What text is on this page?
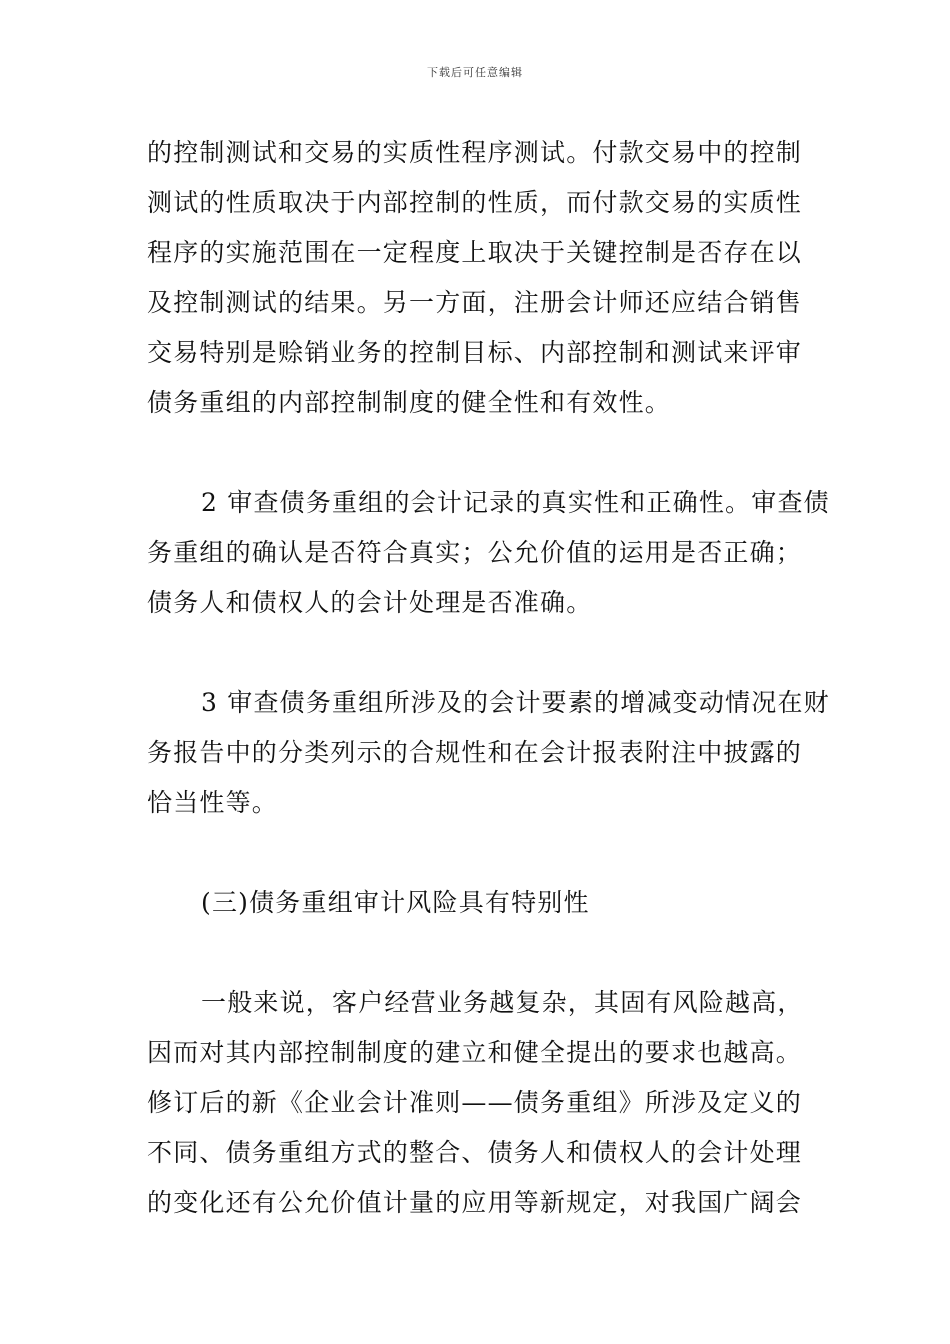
下载后可任意编辑
的控制测试和交易的实质性程序测试。付款交易中的控制
测试的性质取决于内部控制的性质，而付款交易的实质性
程序的实施范围在一定程度上取决于关键控制是否存在以
及控制测试的结果。另一方面，注册会计师还应结合销售
交易特别是赊销业务的控制目标、内部控制和测试来评审
债务重组的内部控制制度的健全性和有效性。
2 审查债务重组的会计记录的真实性和正确性。审查债
务重组的确认是否符合真实；公允价值的运用是否正确；
债务人和债权人的会计处理是否准确。
3 审查债务重组所涉及的会计要素的增减变动情况在财
务报告中的分类列示的合规性和在会计报表附注中披露的
恰当性等。
(三)债务重组审计风险具有特别性
一般来说，客户经营业务越复杂，其固有风险越高，
因而对其内部控制制度的建立和健全提出的要求也越高。
修订后的新《企业会计准则——债务重组》所涉及定义的
不同、债务重组方式的整合、债务人和债权人的会计处理
的变化还有公允价值计量的应用等新规定，对我国广阔会
